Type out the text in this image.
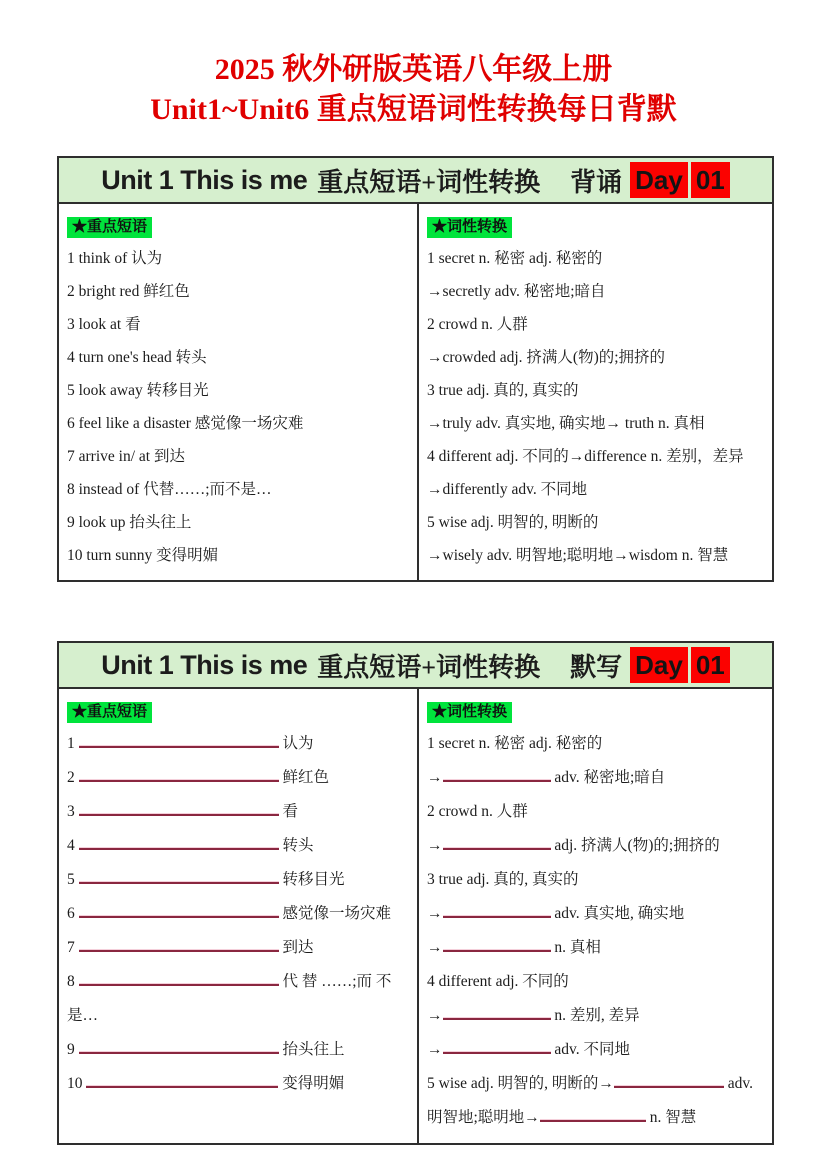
2025 秋外研版英语八年级上册
Unit1~Unit6 重点短语词性转换每日背默
Unit 1 This is me 重点短语+词性转换 背诵 Day 01
★重点短语
1 think of 认为
2 bright red 鲜红色
3 look at 看
4 turn one's head 转头
5 look away 转移目光
6 feel like a disaster 感觉像一场灾难
7 arrive in/ at 到达
8 instead of 代替……;而不是…
9 look up 抬头往上
10 turn sunny 变得明媚
★词性转换
1 secret n. 秘密 adj. 秘密的
→secretly adv. 秘密地;暗自
2 crowd n. 人群
→crowded adj. 挤满人(物)的;拥挤的
3 true adj. 真的, 真实的
→truly adv. 真实地, 确实地→ truth n. 真相
4 different adj. 不同的→difference n. 差别，差异
→differently adv. 不同地
5 wise adj. 明智的, 明断的
→wisely adv. 明智地;聪明地→wisdom n. 智慧
Unit 1 This is me 重点短语+词性转换 默写 Day 01
★重点短语
1	认为
2	鲜红色
3	看
4	转头
5	转移目光
6	感觉像一场灾难
7	到达
8	代 替 ……;而 不 是…
9	抬头往上
10	变得明媚
★词性转换
1 secret n. 秘密 adj. 秘密的
→	adv. 秘密地;暗自
2 crowd n. 人群
→	adj. 挤满人(物)的;拥挤的
3 true adj. 真的, 真实的
→	adv. 真实地, 确实地
→	n. 真相
4 different adj. 不同的
→	n. 差别, 差异
→	adv. 不同地
5 wise adj. 明智的, 明断的→	adv. 明智地;聪明地→	n. 智慧
